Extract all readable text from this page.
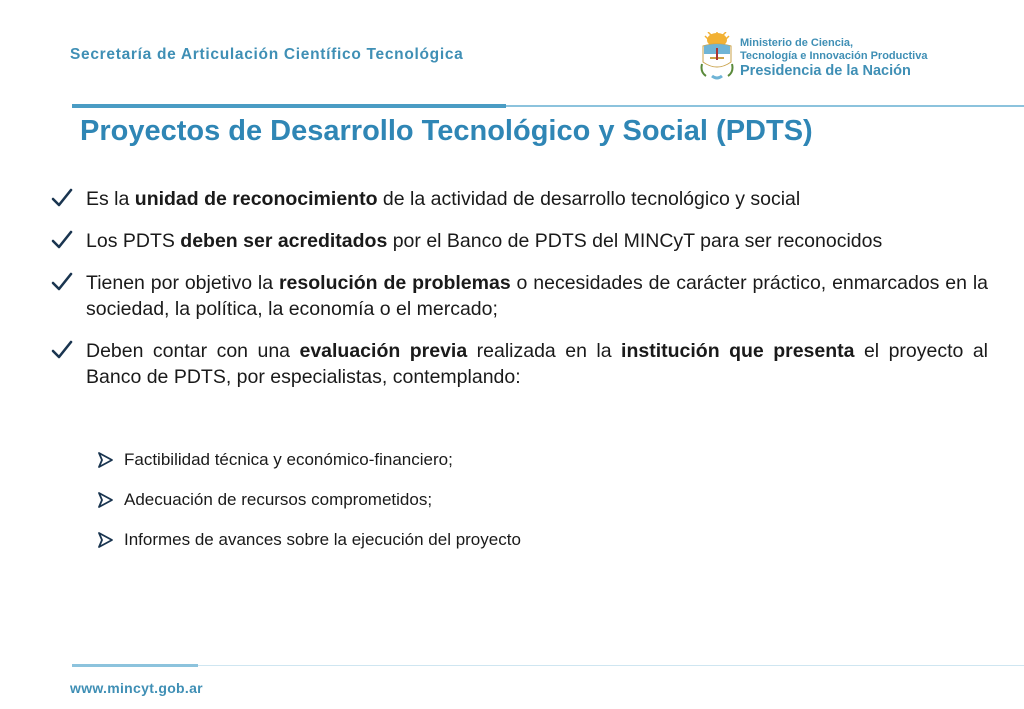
Secretaría de Articulación Científico Tecnológica
Ministerio de Ciencia,
Tecnología e Innovación Productiva
Presidencia de la Nación
Proyectos de Desarrollo Tecnológico y Social (PDTS)
Es la unidad de reconocimiento de la actividad de desarrollo tecnológico y social
Los PDTS deben ser acreditados por el Banco de PDTS del MINCyT para ser reconocidos
Tienen por objetivo la resolución de problemas o necesidades de carácter práctico, enmarcados en la sociedad, la política, la economía o el mercado;
Deben contar con una evaluación previa realizada en la institución que presenta el proyecto al Banco de PDTS, por especialistas, contemplando:
Factibilidad técnica y económico-financiero;
Adecuación de recursos comprometidos;
Informes de avances sobre la ejecución del proyecto
www.mincyt.gob.ar
